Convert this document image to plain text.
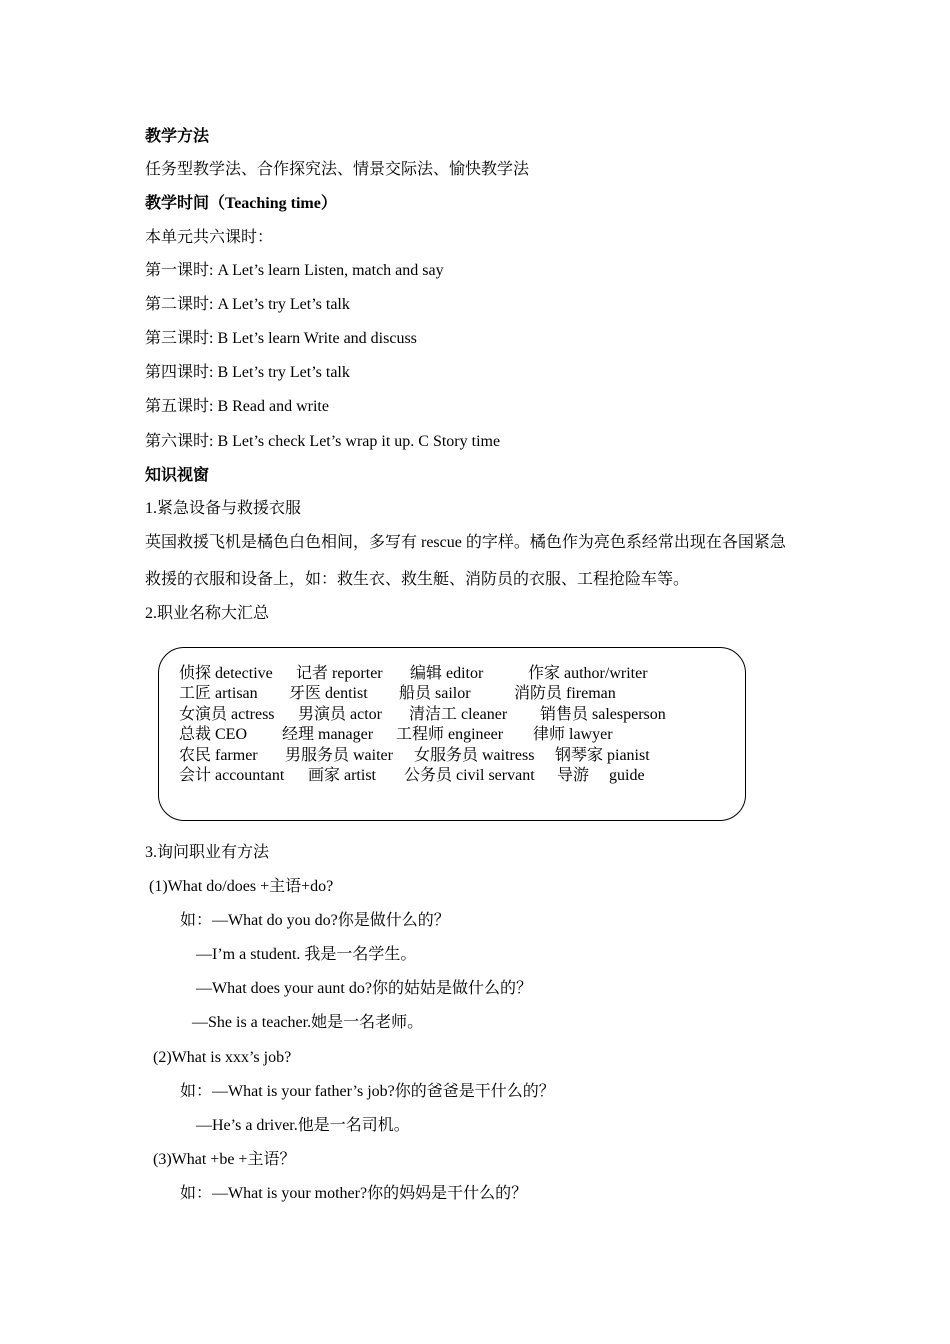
教学方法
任务型教学法、合作探究法、情景交际法、愉快教学法
教学时间（Teaching time）
本单元共六课时：
第一课时: A Let’s learn Listen, match and say
第二课时: A Let’s try Let’s talk
第三课时: B Let’s learn Write and discuss
第四课时: B Let’s try Let’s talk
第五课时: B Read and write
第六课时: B Let’s check Let’s wrap it up. C Story time
知识视窗
1.紧急设备与救援衣服
英国救援飞机是橘色白色相间，多写有 rescue 的字样。橘色作为亮色系经常出现在各国紧急
救援的衣服和设备上，如：救生衣、救生艇、消防员的衣服、工程抢险车等。
2.职业名称大汇总
侦探 detective 记者 reporter 编辑 editor	作家 author/writer
工匠 artisan 牙医 dentist 船员 sailor	消防员 fireman
女演员 actress 男演员 actor 清洁工 cleaner 销售员 salesperson
总裁 CEO 经理 manager 工程师 engineer 律师 lawyer
农民 farmer 男服务员 waiter 女服务员 waitress 钢琴家 pianist
会计 accountant 画家 artist 公务员 civil servant 导游 guide
3.询问职业有方法
(1)What do/does +主语+do?
如：—What do you do?你是做什么的？
—I’m a student. 我是一名学生。
—What does your aunt do?你的姑姑是做什么的？
—She is a teacher.她是一名老师。
(2)What is xxx’s job?
如：—What is your father’s job?你的爸爸是干什么的？
—He’s a driver.他是一名司机。
(3)What +be +主语？
如：—What is your mother?你的妈妈是干什么的？
